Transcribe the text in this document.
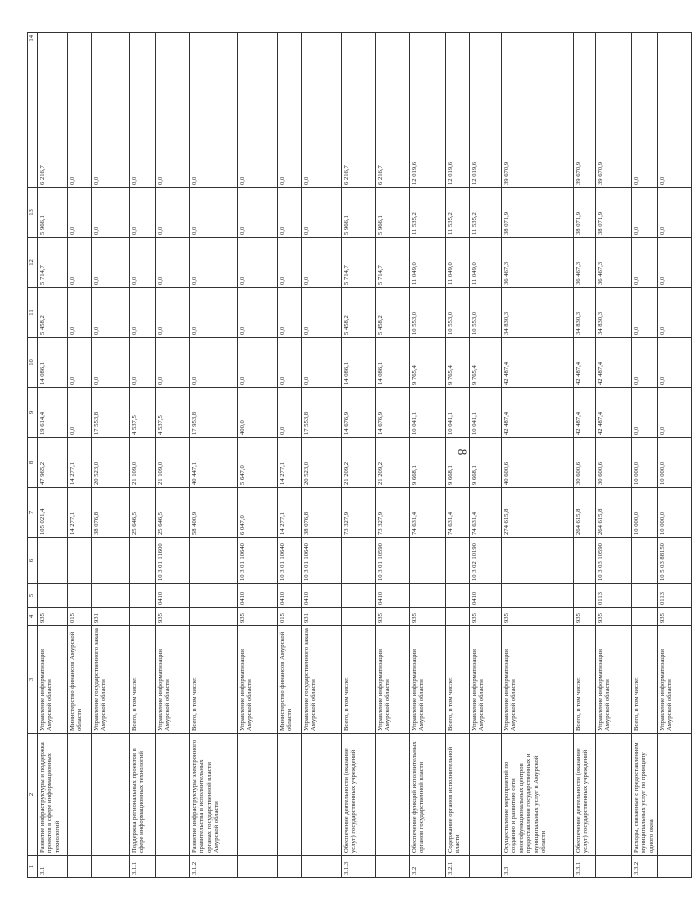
8
1	2	3	4	5	6	7	8	9	10	11	12	13	14
3.1	Развитие инфраструктуры и поддержка проектов в сфере информационных технологий	Управление информатизации Амурской области	935			105 021,4	47 965,2	19 614,4	14 086,1	5 458,2	5 714,7	5 966,1	6 216,7
		Министерство финансов Амурской области	015			14 277,1	14 277,1	0,0	0,0	0,0	0,0	0,0	0,0
		Управление государственного заказа Амурской области	931			38 076,8	20 523,0	17 553,8	0,0	0,0	0,0	0,0	0,0
3.1.1	Поддержка региональных проектов в сфере информационных технологий	Всего, в том числе:				25 646,5	21 109,0	4 537,5	0,0	0,0	0,0	0,0	0,0
		Управление информатизации Амурской области	935	0410	10 3 01 11600	25 646,5	21 109,0	4 537,5	0,0	0,0	0,0	0,0	0,0
3.1.2	Развитие инфраструктуры электронного правительства в исполнительных органах государственной власти Амурской области	Всего, в том числе:				58 400,9	40 447,1	17 953,8	0,0	0,0	0,0	0,0	0,0
		Управление информатизации Амурской области	935	0410	10 3 01 10640	6 047,0	5 647,0	400,0	0,0	0,0	0,0	0,0	0,0
		Министерство финансов Амурской области	015	0410	10 3 01 10640	14 277,1	14 277,1	0,0	0,0	0,0	0,0	0,0	0,0
		Управление государственного заказа Амурской области	931	0410	10 3 01 10640	38 076,8	20 523,0	17 553,8	0,0	0,0	0,0	0,0	0,0
3.1.3	Обеспечение деятельности (оказание услуг) государственных учреждений	Всего, в том числе:				73 327,9	21 209,2	14 676,9	14 086,1	5 458,2	5 714,7	5 966,1	6 216,7
		Управление информатизации Амурской области	935	0410	10 3 01 10590	73 327,9	21 209,2	14 676,9	14 086,1	5 458,2	5 714,7	5 966,1	6 216,7
3.2	Обеспечение функций исполнительных органов государственной власти	Управление информатизации Амурской области	935			74 631,4	9 668,1	10 041,1	9 765,4	10 553,0	11 049,0	11 535,2	12 019,6
3.2.1	Содержание органов исполнительной власти	Всего, в том числе:				74 631,4	9 668,1	10 041,1	9 765,4	10 553,0	11 049,0	11 535,2	12 019,6
		Управление информатизации Амурской области	935	0410	10 3 02 10190	74 631,4	9 668,1	10 041,1	9 765,4	10 553,0	11 049,0	11 535,2	12 019,6
3.3	Осуществление мероприятий по созданию и развитию сети многофункциональных центров предоставления государственных и муниципальных услуг в Амурской области	Управление информатизации Амурской области	935			274 615,8	40 600,6	42 487,4	42 487,4	34 830,3	36 467,3	38 071,9	39 670,9
3.3.1	Обеспечение деятельности (оказание услуг) государственных учреждений	Всего, в том числе:	935			264 615,8	30 600,6	42 487,4	42 487,4	34 830,3	36 467,3	38 071,9	39 670,9
		Управление информатизации Амурской области	935	0113	10 3 03 10590	264 615,8	30 600,6	42 487,4	42 487,4	34 830,3	36 467,3	38 071,9	39 670,9
3.3.2	Расходы, связанные с предоставлением муниципальных услуг по принципу одного окна	Всего, в том числе:				10 000,0	10 000,0	0,0	0,0	0,0	0,0	0,0	0,0
		Управление информатизации Амурской области	935	0113	10 5 03 88150	10 000,0	10 000,0	0,0	0,0	0,0	0,0	0,0	0,0
